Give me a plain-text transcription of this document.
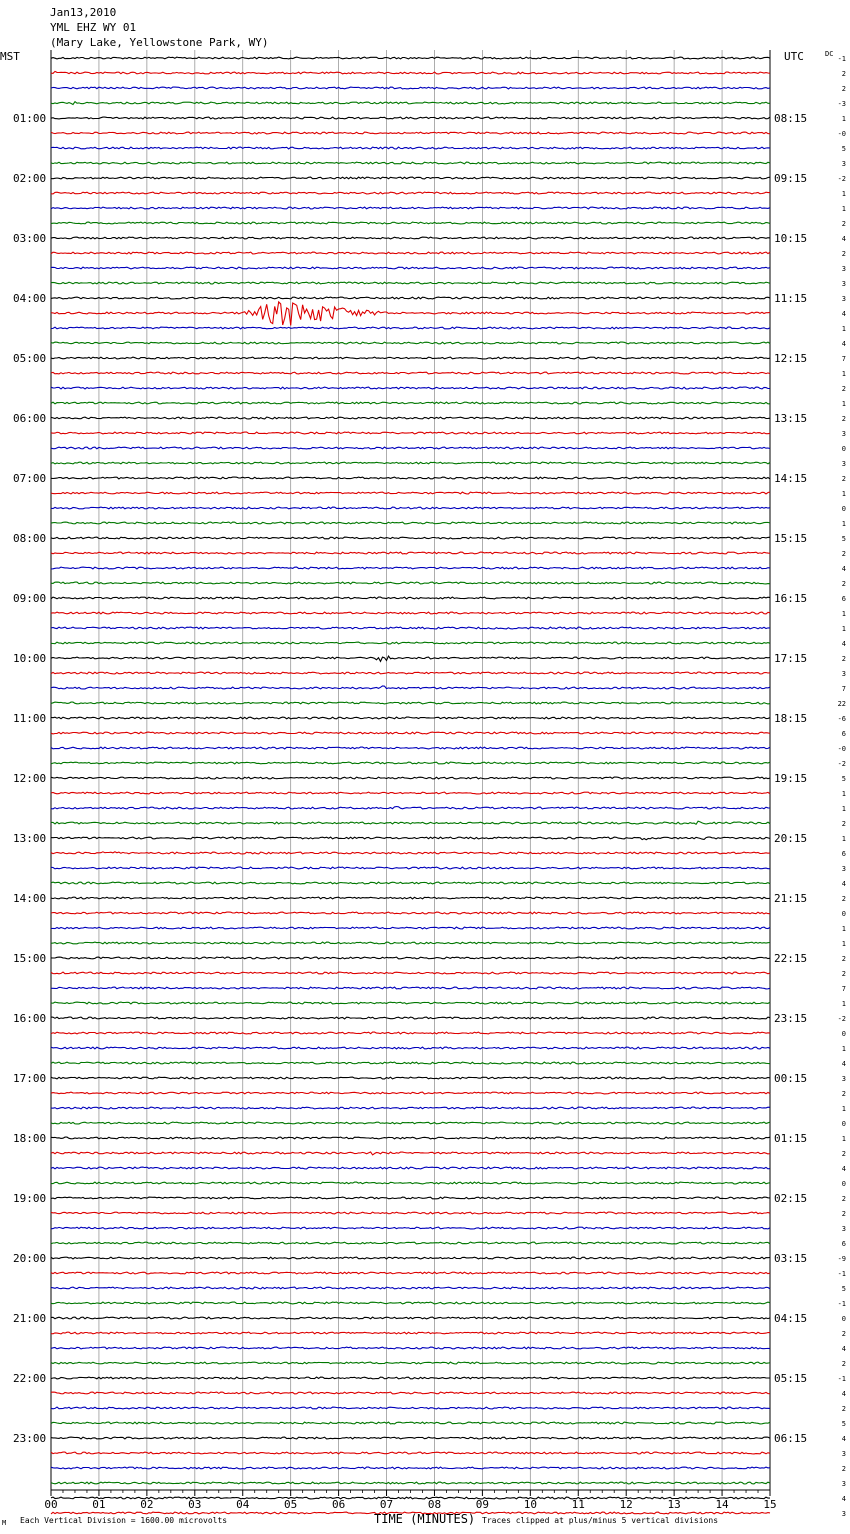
Jan13,2010
YML EHZ WY 01
(Mary Lake, Yellowstone Park, WY)
MST	UTC	DC
01:00
02:00
03:00
04:00
05:00
06:00
07:00
08:00
09:00
10:00
11:00
12:00
13:00
14:00
15:00
16:00
17:00
18:00
19:00
20:00
21:00
22:00
23:00
08:15
09:15
10:15
11:15
12:15
13:15
14:15
15:15
16:15
17:15
18:15
19:15
20:15
21:15
22:15
23:15
00:15
01:15
02:15
03:15
04:15
05:15
06:15
-1
2
2
-3
1
-0
5
3
-2
1
1
2
4
2
3
3
3
4
1
4
7
1
2
1
2
3
0
3
2
1
0
1
5
2
4
2
6
1
1
4
2
3
7
22
-6
6
-0
-2
5
1
1
2
1
6
3
4
2
0
1
1
2
2
7
1
-2
0
1
4
3
2
1
0
1
2
4
0
2
2
3
6
-9
-1
5
-1
0
2
4
2
-1
4
2
5
4
3
2
3
4
3
00	01	02	03	04	05	06	07	08	09	10	11	12	13	14	15
M Each Vertical Division = 1600.00 microvolts	TIME (MINUTES) Traces clipped at plus/minus 5 vertical divisions
